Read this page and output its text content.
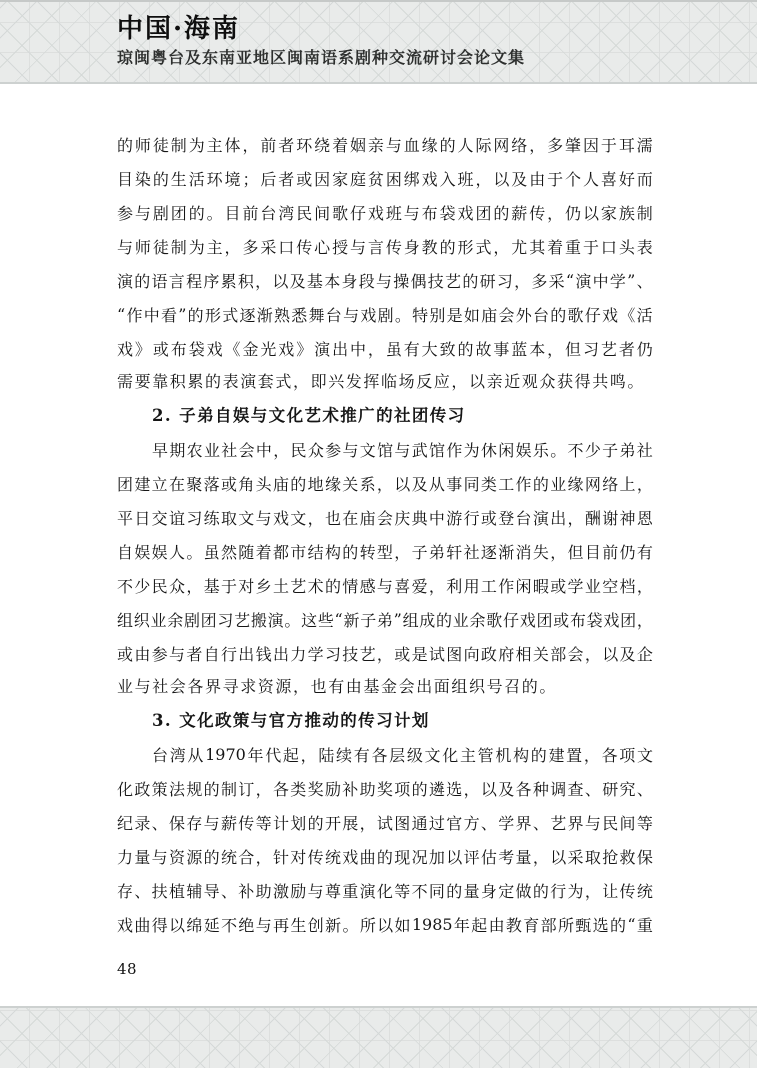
中国·海南
琼闽粤台及东南亚地区闽南语系剧种交流研讨会论文集
的 师 徒 制 为 主 体 ， 前 者 环 绕 着 姻 亲 与 血 缘 的 人 际 网 络 ， 多 肇 因 于 耳 濡
目 染 的 生 活 环 境 ； 后 者 或 因 家 庭 贫 困 绑 戏 入 班 ， 以 及 由 于 个 人 喜 好 而
参 与 剧 团 的 。 目 前 台 湾 民 间 歌 仔 戏 班 与 布 袋 戏 团 的 薪 传 ， 仍 以 家 族 制
与 师 徒 制 为 主 ， 多 采 口 传 心 授 与 言 传 身 教 的 形 式 ， 尤 其 着 重 于 口 头 表
演 的 语 言 程 序 累 积 ， 以 及 基 本 身 段 与 操 偶 技 艺 的 研 习 ， 多 采 “ 演 中 学 ” 、
“ 作 中 看 ” 的 形 式 逐 渐 熟 悉 舞 台 与 戏 剧 。 特 别 是 如 庙 会 外 台 的 歌 仔 戏 《 活
戏 》 或 布 袋 戏 《 金 光 戏 》 演 出 中 ， 虽 有 大 致 的 故 事 蓝 本 ， 但 习 艺 者 仍
需要靠积累的表演套式，即兴发挥临场反应，以亲近观众获得共鸣。
2. 子弟自娱与文化艺术推广的社团传习
早 期 农 业 社 会 中 ， 民 众 参 与 文 馆 与 武 馆 作 为 休 闲 娱 乐 。 不 少 子 弟 社
团 建 立 在 聚 落 或 角 头 庙 的 地 缘 关 系 ， 以 及 从 事 同 类 工 作 的 业 缘 网 络 上 ，
平 日 交 谊 习 练 取 文 与 戏 文 ， 也 在 庙 会 庆 典 中 游 行 或 登 台 演 出 ， 酬 谢 神 恩
自 娱 娱 人 。 虽 然 随 着 都 市 结 构 的 转 型 ， 子 弟 轩 社 逐 渐 消 失 ， 但 目 前 仍 有
不 少 民 众 ， 基 于 对 乡 土 艺 术 的 情 感 与 喜 爱 ， 利 用 工 作 闲 暇 或 学 业 空 档 ，
组 织 业 余 剧 团 习 艺 搬 演 。 这 些 “ 新 子 弟 ” 组 成 的 业 余 歌 仔 戏 团 或 布 袋 戏 团 ，
或 由 参 与 者 自 行 出 钱 出 力 学 习 技 艺 ， 或 是 试 图 向 政 府 相 关 部 会 ， 以 及 企
业与社会各界寻求资源，也有由基金会出面组织号召的。
3. 文化政策与官方推动的传习计划
台 湾 从 1970 年 代 起 ， 陆 续 有 各 层 级 文 化 主 管 机 构 的 建 置 ， 各 项 文
化 政 策 法 规 的 制 订 ， 各 类 奖 励 补 助 奖 项 的 遴 选 ， 以 及 各 种 调 查 、 研 究 、
纪 录 、 保 存 与 薪 传 等 计 划 的 开 展 ， 试 图 通 过 官 方 、 学 界 、 艺 界 与 民 间 等
力 量 与 资 源 的 统 合 ， 针 对 传 统 戏 曲 的 现 况 加 以 评 估 考 量 ， 以 采 取 抢 救 保
存 、 扶 植 辅 导 、 补 助 激 励 与 尊 重 演 化 等 不 同 的 量 身 定 做 的 行 为 ， 让 传 统
戏 曲 得 以 绵 延 不 绝 与 再 生 创 新 。 所 以 如 1985 年 起 由 教 育 部 所 甄 选 的 “ 重
48
